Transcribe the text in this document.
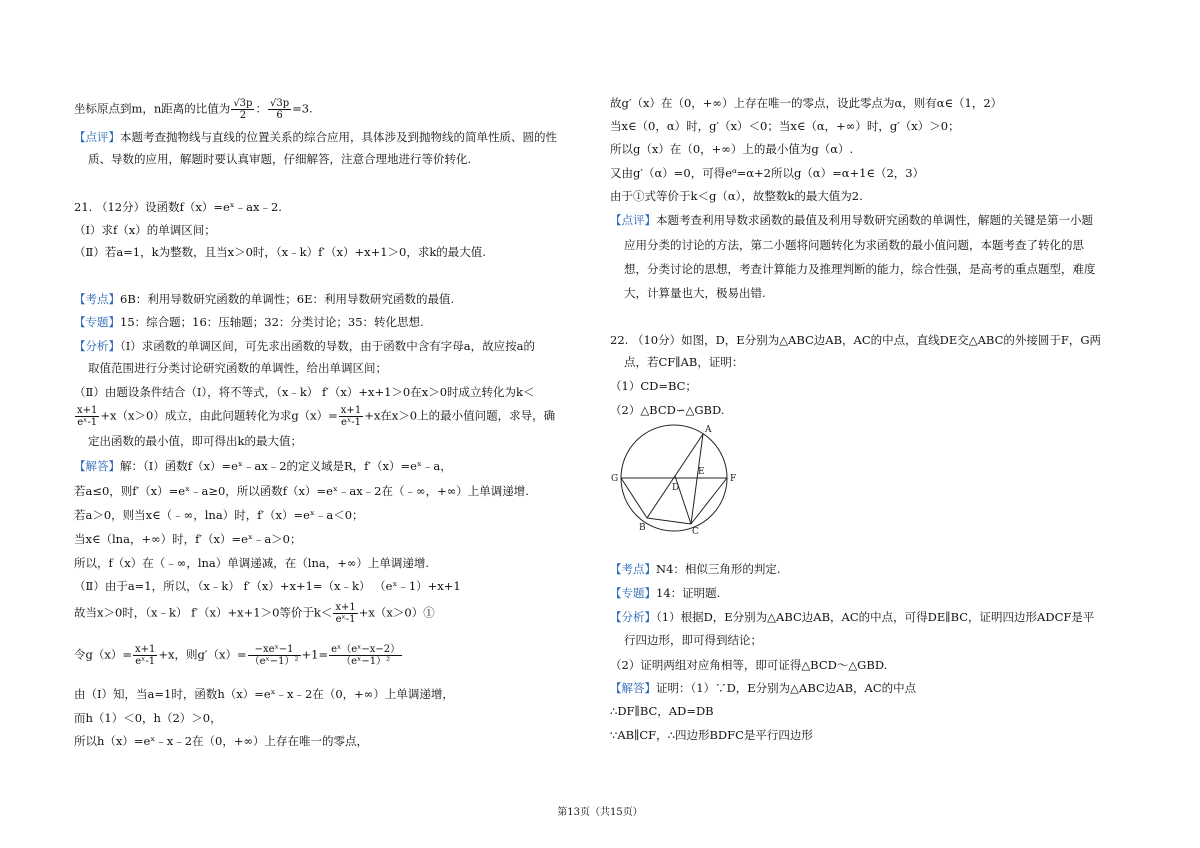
坐标原点到m，n距离的比值为 $\frac{√3p}{2}$ ： $\frac{√3p}{6} =3$.
【点评】本题考查抛物线与直线的位置关系的综合应用，具体涉及到抛物线的简单性质、圆的性
质、导数的应用，解题时要认真审题，仔细解答，注意合理地进行等价转化.
21. （12分）设函数f（x）=eˣ﹣ax﹣2.
（Ⅰ）求f（x）的单调区间；
（Ⅱ）若a=1，k为整数，且当x＞0时，（x﹣k）f′（x）+x+1＞0，求k的最大值.
【考点】6B：利用导数研究函数的单调性；6E：利用导数研究函数的最值.
【专题】15：综合题；16：压轴题；32：分类讨论；35：转化思想.
【分析】（Ⅰ）求函数的单调区间，可先求出函数的导数，由于函数中含有字母a，故应按a的
取值范围进行分类讨论研究函数的单调性，给出单调区间；
（Ⅱ）由题设条件结合（Ⅰ），将不等式，（x﹣k） f′（x）+x+1＞0在x＞0时成立转化为k＜
$\frac{x+1}{\text{eˣ-1}} +x(x>0)$成立，由此问题转化为求$g(x)= \frac{x+1}{\text{eˣ-1}} +x$在x＞0上的最小值问题，求导，确
定出函数的最小值，即可得出k的最大值；
【解答】解：（Ⅰ）函数f（x）=eˣ﹣ax﹣2的定义域是R，f′（x）=eˣ﹣a，
若a≤0，则f′（x）=eˣ﹣a≥0，所以函数f（x）=eˣ﹣ax﹣2在（﹣∞，+∞）上单调递增.
若a＞0，则当x∈（﹣∞，lna）时，f′（x）=eˣ﹣a＜0；
当x∈（lna，+∞）时，f′（x）=eˣ﹣a＞0；
所以，f（x）在（﹣∞，lna）单调递减，在（lna，+∞）上单调递增.
（Ⅱ）由于a=1，所以，（x﹣k） f′（x）+x+1=（x﹣k） （eˣ﹣1）+x+1
故当x＞0时，（x﹣k） f′（x）+x+1＞0等价于$k< \frac{x+1}{\text{eˣ-1}}$ +x（x＞0）①
令$g(x)= \frac{x+1}{\text{eˣ-1}} +x$，则$g'(x)= \frac{\text{−xeˣ−1}}{\text{（eˣ−1）²}} +1= \frac{\text{eˣ（eˣ−x−2）}}{\text{（eˣ−1）²}}$
由（Ⅰ）知，当a=1时，函数h（x）=eˣ﹣x﹣2在（0，+∞）上单调递增，
而h（1）＜0，h（2）＞0，
所以h（x）=eˣ﹣x﹣2在（0，+∞）上存在唯一的零点，
故g′（x）在（0，+∞）上存在唯一的零点，设此零点为α，则有α∈（1，2）
当x∈（0，α）时，g′（x）＜0；当x∈（α，+∞）时，g′（x）＞0；
所以g（x）在（0，+∞）上的最小值为g（α）.
又由g′（α）=0，可得eᵅ=α+2所以g（α）=α+1∈（2，3）
由于①式等价于k＜g（α），故整数k的最大值为2.
【点评】本题考查利用导数求函数的最值及利用导数研究函数的单调性，解题的关键是第一小题
应用分类的讨论的方法，第二小题将问题转化为求函数的最小值问题，本题考查了转化的思
想，分类讨论的思想，考查计算能力及推理判断的能力，综合性强，是高考的重点题型，难度
大，计算量也大，极易出错.
22. （10分）如图，D，E分别为△ABC边AB，AC的中点，直线DE交△ABC的外接圆于F，G两
点，若CF∥AB，证明：
（1）CD=BC；
（2）△BCD∽△GBD.
A
B	C
D
E
F
G
【考点】N4：相似三角形的判定.
【专题】14：证明题.
【分析】（1）根据D，E分别为△ABC边AB，AC的中点，可得DE∥BC，证明四边形ADCF是平
行四边形，即可得到结论；
（2）证明两组对应角相等，即可证得△BCD～△GBD.
【解答】证明：（1）∵D，E分别为△ABC边AB，AC的中点
∴DF∥BC，AD=DB
∵AB∥CF，∴四边形BDFC是平行四边形
第13页（共15页）
